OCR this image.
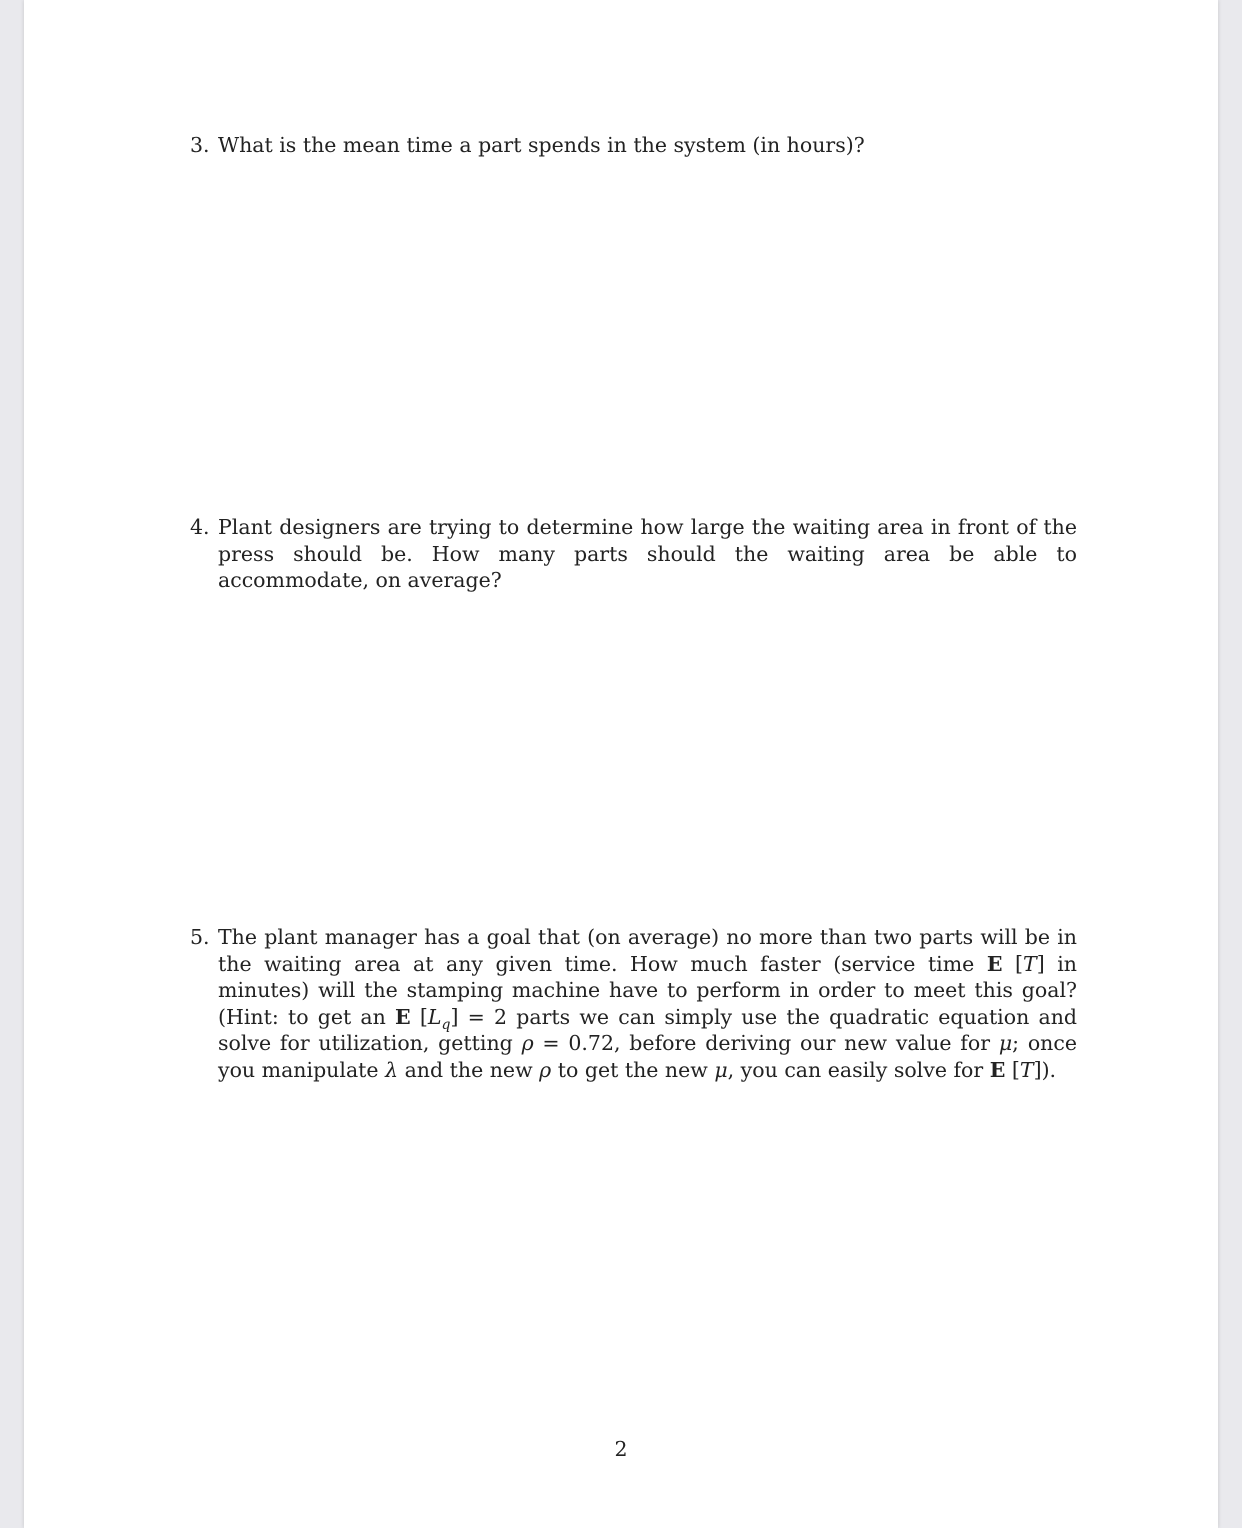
3. What is the mean time a part spends in the system (in hours)?
4. Plant designers are trying to determine how large the waiting area in front of the press should be. How many parts should the waiting area be able to accommodate, on average?
5. The plant manager has a goal that (on average) no more than two parts will be in the waiting area at any given time. How much faster (service time E [T] in minutes) will the stamping machine have to perform in order to meet this goal? (Hint: to get an E $[L_q] = 2$ parts we can simply use the quadratic equation and solve for utilization, getting ρ = 0.72, before deriving our new value for μ; once you manipulate λ and the new ρ to get the new μ, you can easily solve for E [T]).
2
